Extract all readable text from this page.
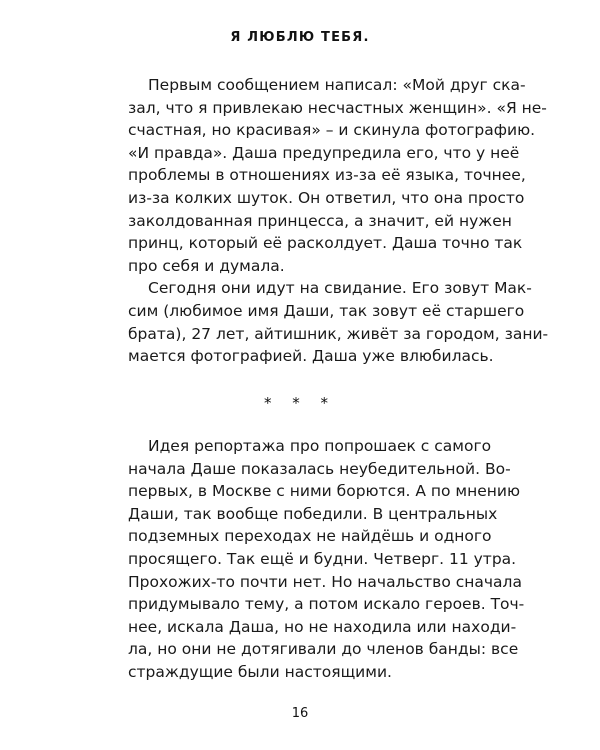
Я ЛЮБЛЮ ТЕБЯ.
Первым сообщением написал: «Мой друг ска-
зал, что я привлекаю несчастных женщин». «Я не-
счастная, но красивая» – и скинула фотографию.
«И правда». Даша предупредила его, что у неё
проблемы в отношениях из-за её языка, точнее,
из-за колких шуток. Он ответил, что она просто
заколдованная принцесса, а значит, ей нужен
принц, который её расколдует. Даша точно так
про себя и думала.
Сегодня они идут на свидание. Его зовут Мак-
сим (любимое имя Даши, так зовут её старшего
брата), 27 лет, айтишник, живёт за городом, зани-
мается фотографией. Даша уже влюбилась.
* * *
Идея репортажа про попрошаек с самого
начала Даше показалась неубедительной. Во-
первых, в Москве с ними борются. А по мнению
Даши, так вообще победили. В центральных
подземных переходах не найдёшь и одного
просящего. Так ещё и будни. Четверг. 11 утра.
Прохожих-то почти нет. Но начальство сначала
придумывало тему, а потом искало героев. Точ-
нее, искала Даша, но не находила или находи-
ла, но они не дотягивали до членов банды: все
страждущие были настоящими.
16
